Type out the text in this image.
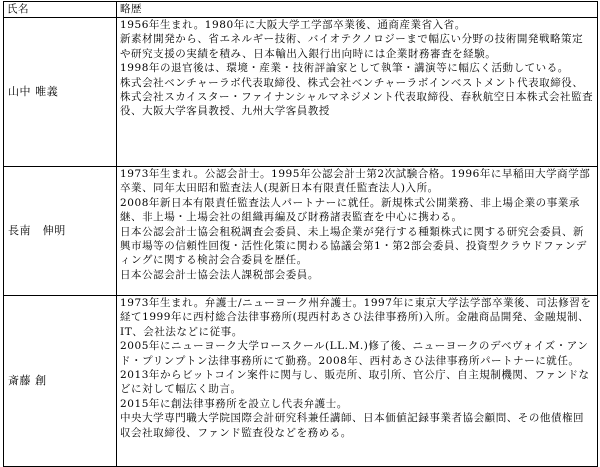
氏名	略歴
山中 唯義	1956年生まれ。1980年に大阪大学工学部卒業後、通商産業省入省。

新素材開発から、省エネルギー技術、バイオテクノロジーまで幅広い分野の技術開発戦略策定や研究支援の実績を積み、日本輸出入銀行出向時には企業財務審査を経験。

1998年の退官後は、環境・産業・技術評論家として執筆・講演等に幅広く活動している。

株式会社ベンチャーラボ代表取締役、株式会社ベンチャーラボインベストメント代表取締役、株式会社スカイスター・ファイナンシャルマネジメント代表取締役、春秋航空日本株式会社監査役、大阪大学客員教授、九州大学客員教授

長南　伸明	1973年生まれ。公認会計士。1995年公認会計士第2次試験合格。1996年に早稲田大学商学部卒業、同年太田昭和監査法人(現新日本有限責任監査法人)入所。

2008年新日本有限責任監査法人パートナーに就任。新規株式公開業務、非上場企業の事業承継、非上場・上場会社の組織再編及び財務諸表監査を中心に携わる。

日本公認会計士協会租税調査会委員、未上場企業が発行する種類株式に関する研究会委員、新興市場等の信頼性回復・活性化策に関わる協議会第1・第2部会委員、投資型クラウドファンディングに関する検討会合委員を歴任。

日本公認会計士協会法人課税部会委員。

斎藤 創	1973年生まれ。弁護士/ニューヨーク州弁護士。1997年に東京大学法学部卒業後、司法修習を経て1999年に西村総合法律事務所(現西村あさひ法律事務所)入所。金融商品開発、金融規制、IT、会社法などに従事。

2005年にニューヨーク大学ロースクール(LL.M.)修了後、ニューヨークのデベヴォイズ・アンド・プリンプトン法律事務所にて勤務。2008年、西村あさひ法律事務所パートナーに就任。

2013年からビットコイン案件に関与し、販売所、取引所、官公庁、自主規制機関、ファンドなどに対して幅広く助言。

2015年に創法律事務所を設立し代表弁護士。

中央大学専門職大学院国際会計研究科兼任講師、日本価値記録事業者協会顧問、その他債権回収会社取締役、ファンド監査役などを務める。
